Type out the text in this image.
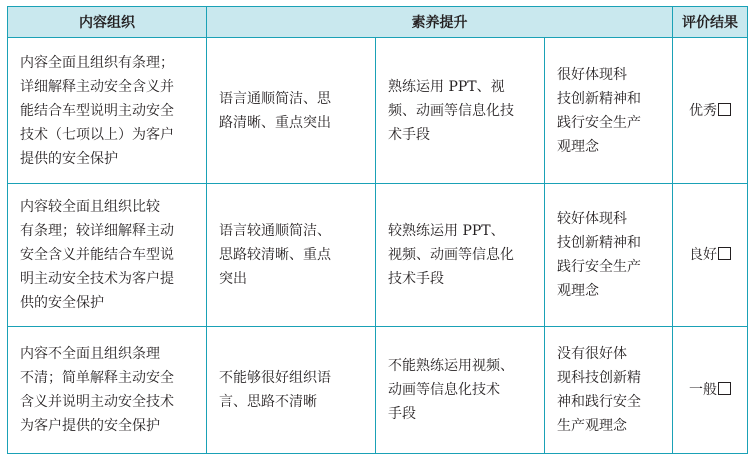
内容组织	素养提升			评价结果

内容全面且组织有条理；
详细解释主动安全含义并
能结合车型说明主动安全
技术（七项以上）为客户
提供的安全保护	语言通顺简洁、思
路清晰、重点突出	熟练运用 PPT、视
频、动画等信息化技
术手段	很好体现科
技创新精神和
践行安全生产
观理念	优秀

内容较全面且组织比较
有条理；较详细解释主动
安全含义并能结合车型说
明主动安全技术为客户提
供的安全保护	语言较通顺简洁、
思路较清晰、重点
突出	较熟练运用 PPT、
视频、动画等信息化
技术手段	较好体现科
技创新精神和
践行安全生产
观理念	良好

内容不全面且组织条理
不清；简单解释主动安全
含义并说明主动安全技术
为客户提供的安全保护	不能够很好组织语
言、思路不清晰	不能熟练运用视频、
动画等信息化技术
手段	没有很好体
现科技创新精
神和践行安全
生产观理念	一般
